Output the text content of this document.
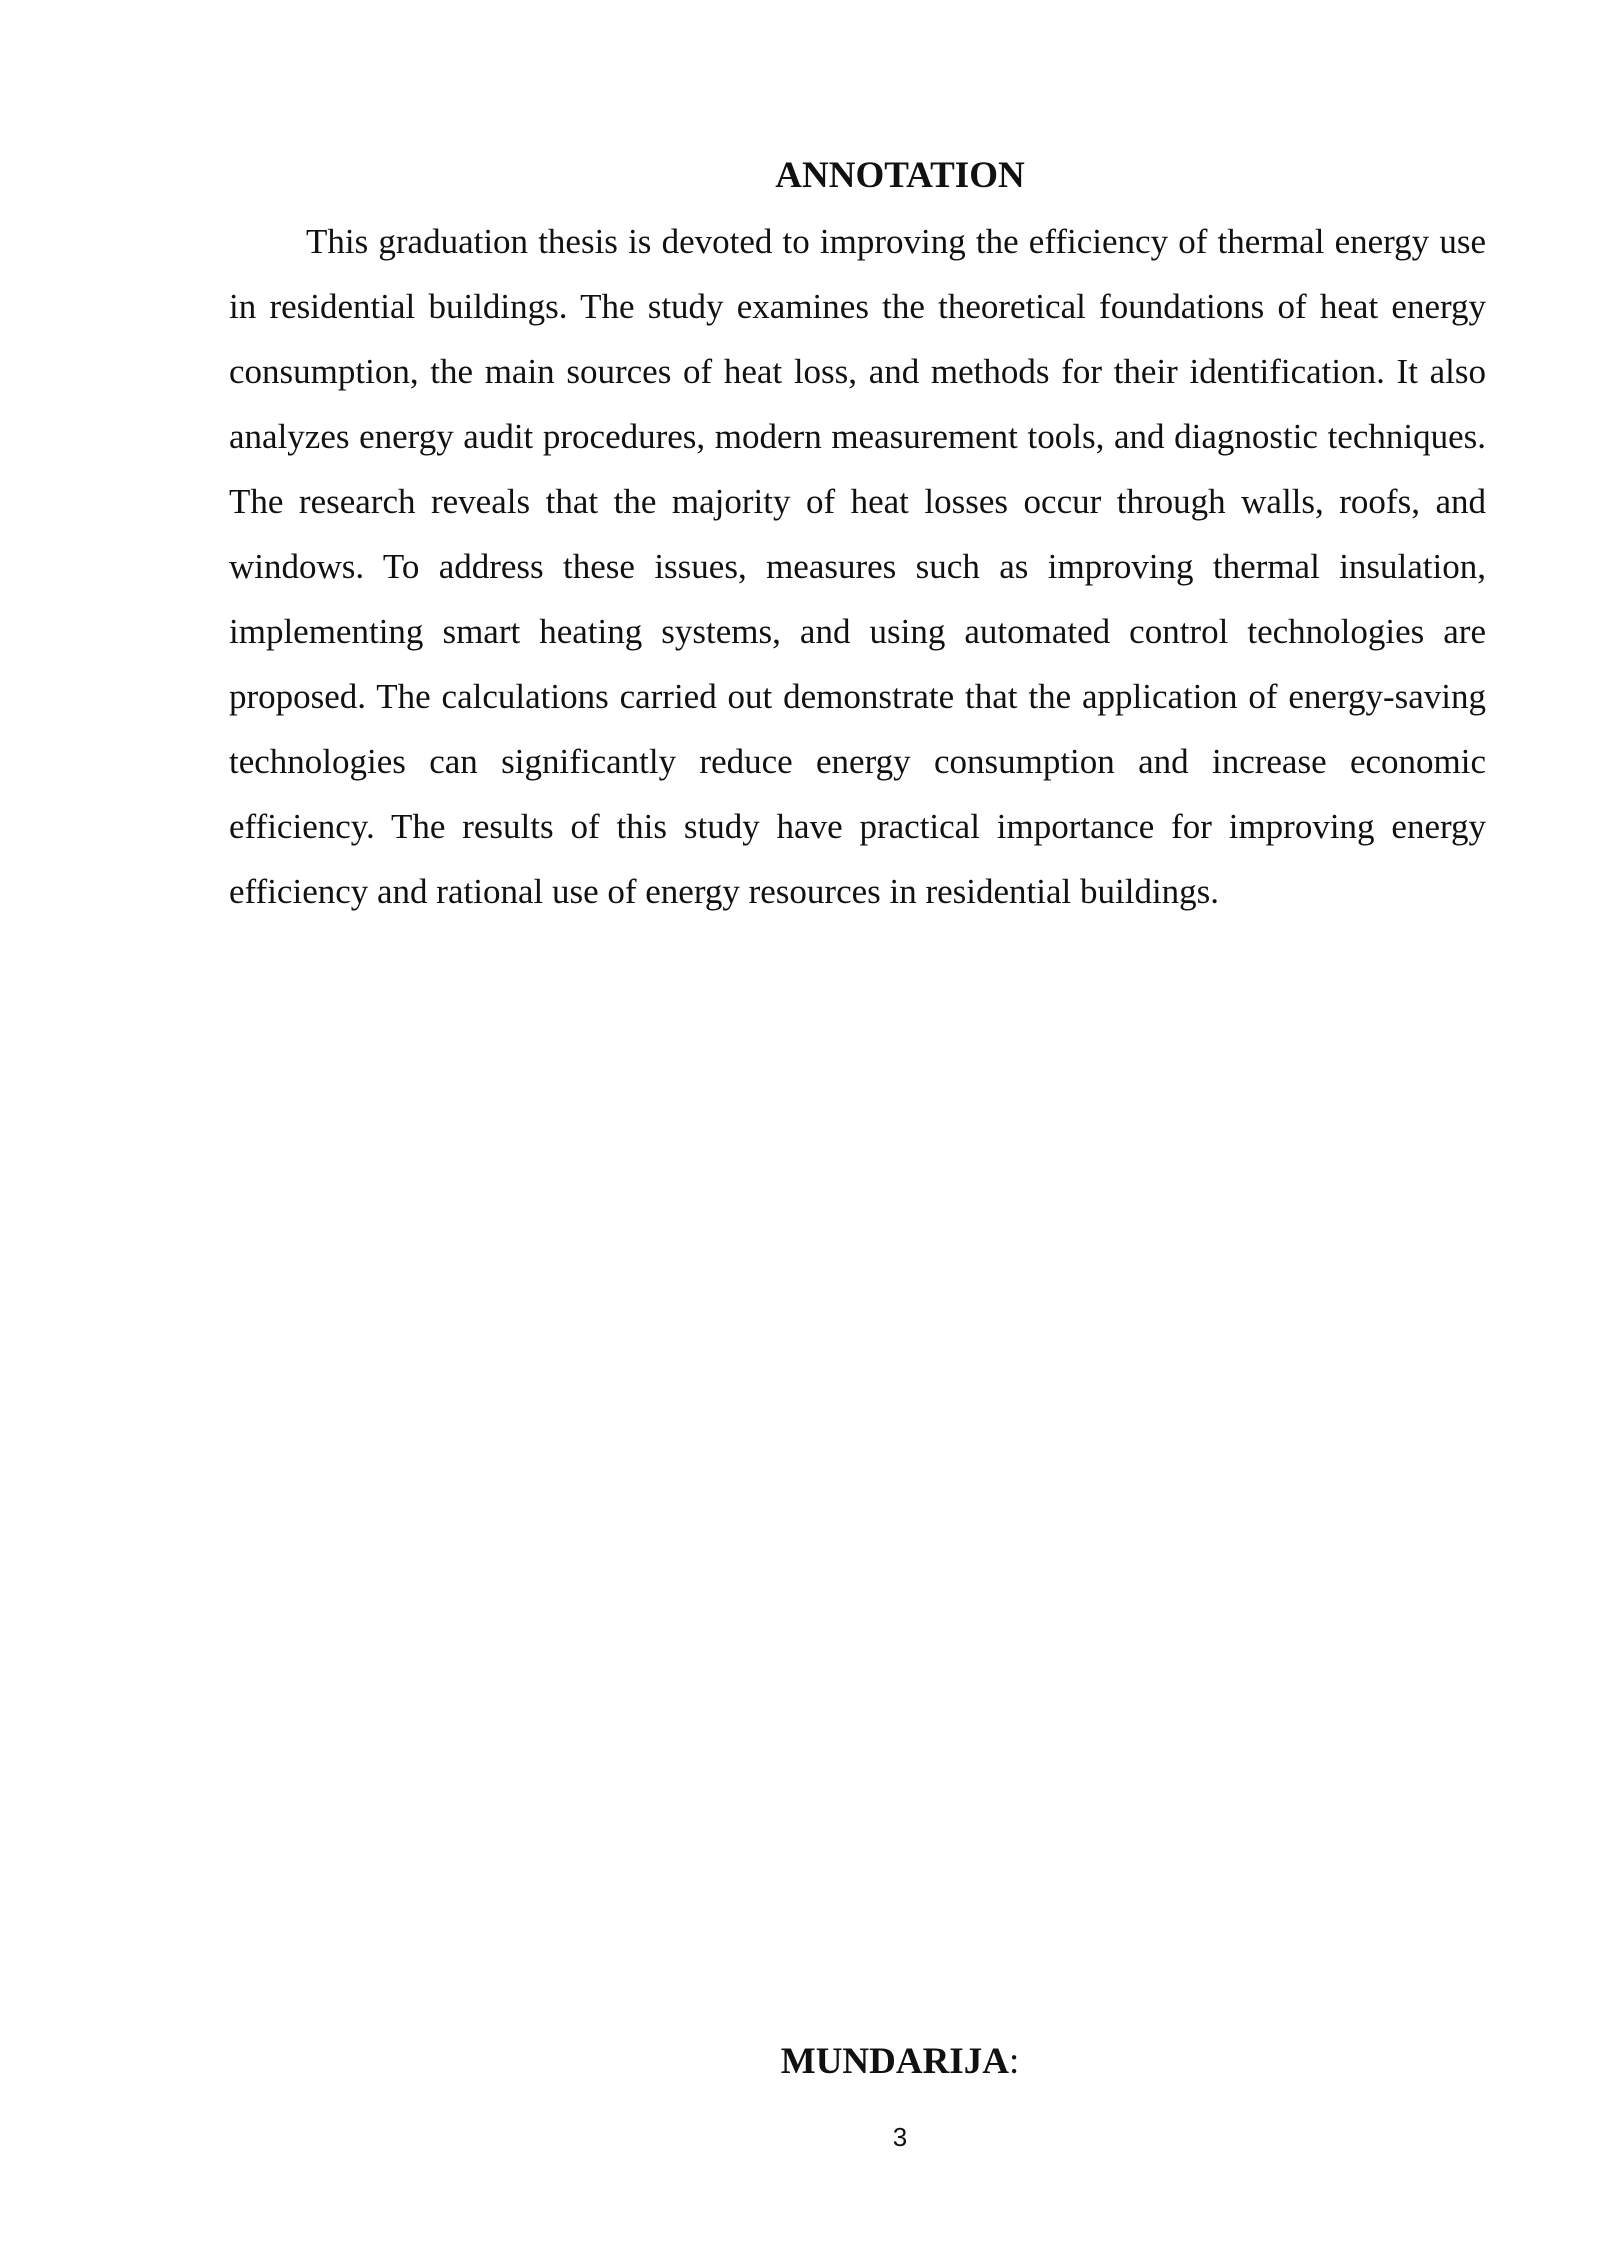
ANNOTATION

This graduation thesis is devoted to improving the efficiency of thermal energy use in residential buildings. The study examines the theoretical foundations of heat energy consumption, the main sources of heat loss, and methods for their identification. It also analyzes energy audit procedures, modern measurement tools, and diagnostic techniques. The research reveals that the majority of heat losses occur through walls, roofs, and windows. To address these issues, measures such as improving thermal insulation, implementing smart heating systems, and using automated control technologies are proposed. The calculations carried out demonstrate that the application of energy-saving technologies can significantly reduce energy consumption and increase economic efficiency. The results of this study have practical importance for improving energy efficiency and rational use of energy resources in residential buildings.

MUNDARIJA:
3
